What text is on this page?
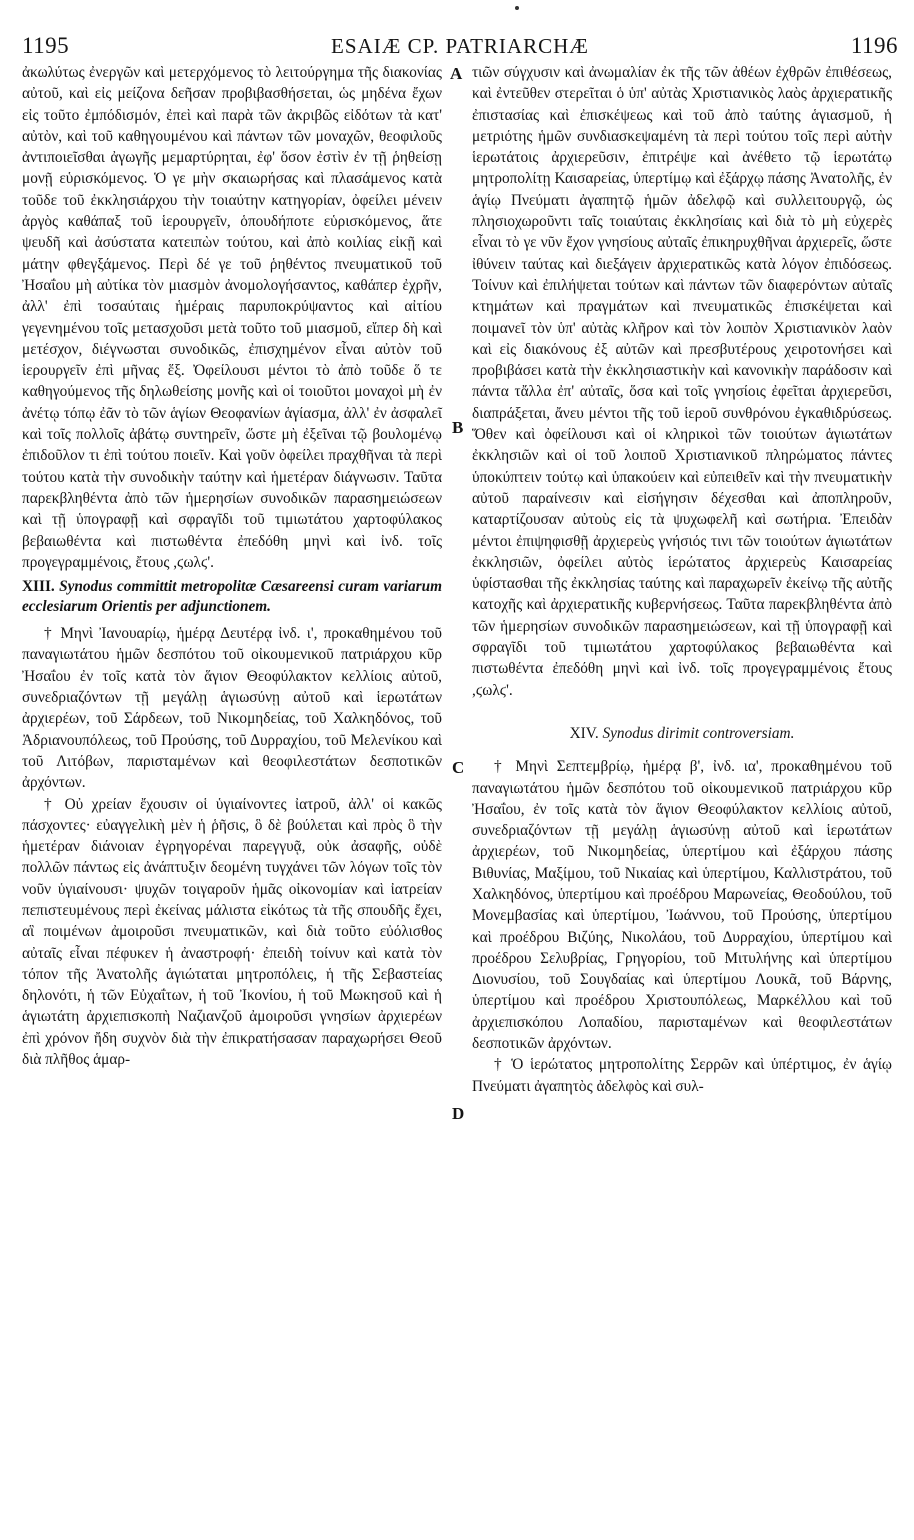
1195	ESAIÆ CP. PATRIARCHÆ	1196
A
B
C
D

ἀκωλύτως ἐνεργῶν καὶ μετερχόμενος τὸ λειτούργημα τῆς διακονίας αὐτοῦ, καὶ εἰς μείζονα δεῆσαν προβιβασθήσεται, ὡς μηδένα ἔχων εἰς τοῦτο ἐμπόδισμόν, ἐπεὶ καὶ παρὰ τῶν ἀκριβῶς εἰδότων τὰ κατ' αὐτὸν, καὶ τοῦ καθηγουμένου καὶ πάντων τῶν μοναχῶν, θεοφιλοῦς ἀντιποιεῖσθαι ἀγωγῆς μεμαρτύρηται, ἐφ' ὅσον ἐστὶν ἐν τῇ ῥηθείσῃ μονῇ εὑρισκόμενος. Ὁ γε μὴν σκαιωρήσας καὶ πλασάμενος κατὰ τοῦδε τοῦ ἐκκλησιάρχου τὴν τοιαύτην κατηγορίαν, ὀφείλει μένειν ἀργὸς καθάπαξ τοῦ ἱερουργεῖν, ὁπουδήποτε εὑρισκόμενος, ἅτε ψευδῆ καὶ ἀσύστατα κατειπὼν τούτου, καὶ ἀπὸ κοιλίας εἰκῇ καὶ μάτην φθεγξάμενος. Περὶ δέ γε τοῦ ῥηθέντος πνευματικοῦ τοῦ Ἠσαΐου μὴ αὐτίκα τὸν μιασμὸν ἀνομολογήσαντος, καθάπερ ἐχρῆν, ἀλλ' ἐπὶ τοσαύταις ἡμέραις παρυποκρύψαντος καὶ αἰτίου γεγενημένου τοῖς μετασχοῦσι μετὰ τοῦτο τοῦ μιασμοῦ, εἴπερ δὴ καὶ μετέσχον, διέγνωσται συνοδικῶς, ἐπισχημένον εἶναι αὐτὸν τοῦ ἱερουργεῖν ἐπὶ μῆνας ἕξ. Ὀφείλουσι μέντοι τὸ ἀπὸ τοῦδε ὅ τε καθηγούμενος τῆς δηλωθείσης μονῆς καὶ οἱ τοιοῦτοι μοναχοὶ μὴ ἐν ἀνέτῳ τόπῳ ἐᾶν τὸ τῶν ἁγίων Θεοφανίων ἁγίασμα, ἀλλ' ἐν ἀσφαλεῖ καὶ τοῖς πολλοῖς ἀβάτῳ συντηρεῖν, ὥστε μὴ ἐξεῖναι τῷ βουλομένῳ ἐπιδοῦλον τι ἐπὶ τούτου ποιεῖν. Καὶ γοῦν ὀφείλει πραχθῆναι τὰ περὶ τούτου κατὰ τὴν συνοδικὴν ταύτην καὶ ἡμετέραν διάγνωσιν. Ταῦτα παρεκβληθέντα ἀπὸ τῶν ἡμερησίων συνοδικῶν παρασημειώσεων καὶ τῇ ὑπογραφῇ καὶ σφραγῖδι τοῦ τιμιωτάτου χαρτοφύλακος βεβαιωθέντα καὶ πιστωθέντα ἐπεδόθη μηνὶ καὶ ἰνδ. τοῖς προγεγραμμένοις, ἔτους ,ϛωλϛ'.

XIII. Synodus committit metropolitæ Cæsareensi curam variarum ecclesiarum Orientis per adjunctionem.

† Μηνὶ Ἰανουαρίῳ, ἡμέρᾳ Δευτέρᾳ ἰνδ. ι', προκαθημένου τοῦ παναγιωτάτου ἡμῶν δεσπότου τοῦ οἰκουμενικοῦ πατριάρχου κῦρ Ἠσαΐου ἐν τοῖς κατὰ τὸν ἅγιον Θεοφύλακτον κελλίοις αὐτοῦ, συνεδριαζόντων τῇ μεγάλῃ ἁγιωσύνῃ αὐτοῦ καὶ ἱερωτάτων ἀρχιερέων, τοῦ Σάρδεων, τοῦ Νικομηδείας, τοῦ Χαλκηδόνος, τοῦ Ἀδριανουπόλεως, τοῦ Προύσης, τοῦ Δυρραχίου, τοῦ Μελενίκου καὶ τοῦ Λιτόβων, παρισταμένων καὶ θεοφιλεστάτων δεσποτικῶν ἀρχόντων.

† Οὐ χρείαν ἔχουσιν οἱ ὑγιαίνοντες ἰατροῦ, ἀλλ' οἱ κακῶς πάσχοντες· εὐαγγελικὴ μὲν ἡ ῥῆσις, ὃ δὲ βούλεται καὶ πρὸς ὃ τὴν ἡμετέραν διάνοιαν ἐγρηγορέναι παρεγγυᾷ, οὐκ ἀσαφῆς, οὐδὲ πολλῶν πάντως εἰς ἀνάπτυξιν δεομένη τυγχάνει τῶν λόγων τοῖς τὸν νοῦν ὑγιαίνουσι· ψυχῶν τοιγαροῦν ἡμᾶς οἰκονομίαν καὶ ἰατρείαν πεπιστευμένους περὶ ἐκείνας μάλιστα εἰκότως τὰ τῆς σπουδῆς ἔχει, αἳ ποιμένων ἀμοιροῦσι πνευματικῶν, καὶ διὰ τοῦτο εὐόλισθος αὐταῖς εἶναι πέφυκεν ἡ ἀναστροφή· ἐπειδὴ τοίνυν καὶ κατὰ τὸν τόπον τῆς Ἀνατολῆς ἁγιώταται μητροπόλεις, ἡ τῆς Σεβαστείας δηλονότι, ἡ τῶν Εὐχαΐτων, ἡ τοῦ Ἰκονίου, ἡ τοῦ Μωκησοῦ καὶ ἡ ἁγιωτάτη ἀρχιεπισκοπὴ Ναζιανζοῦ ἀμοιροῦσι γνησίων ἀρχιερέων ἐπὶ χρόνον ἤδη συχνὸν διὰ τὴν ἐπικρατήσασαν παραχωρήσει Θεοῦ διὰ πλῆθος ἁμαρ-

τιῶν σύγχυσιν καὶ ἀνωμαλίαν ἐκ τῆς τῶν ἀθέων ἐχθρῶν ἐπιθέσεως, καὶ ἐντεῦθεν στερεῖται ὁ ὑπ' αὐτὰς Χριστιανικὸς λαὸς ἀρχιερατικῆς ἐπιστασίας καὶ ἐπισκέψεως καὶ τοῦ ἀπὸ ταύτης ἁγιασμοῦ, ἡ μετριότης ἡμῶν συνδιασκεψαμένη τὰ περὶ τούτου τοῖς περὶ αὐτὴν ἱερωτάτοις ἀρχιερεῦσιν, ἐπιτρέψε καὶ ἀνέθετο τῷ ἱερωτάτῳ μητροπολίτῃ Καισαρείας, ὑπερτίμῳ καὶ ἐξάρχῳ πάσης Ἀνατολῆς, ἐν ἁγίῳ Πνεύματι ἀγαπητῷ ἡμῶν ἀδελφῷ καὶ συλλειτουργῷ, ὡς πλησιοχωροῦντι ταῖς τοιαύταις ἐκκλησίαις καὶ διὰ τὸ μὴ εὐχερὲς εἶναι τὸ γε νῦν ἔχον γνησίους αὐταῖς ἐπικηρυχθῆναι ἀρχιερεῖς, ὥστε ἰθύνειν ταύτας καὶ διεξάγειν ἀρχιερατικῶς κατὰ λόγον ἐπιδόσεως. Τοίνυν καὶ ἐπιλήψεται τούτων καὶ πάντων τῶν διαφερόντων αὐταῖς κτημάτων καὶ πραγμάτων καὶ πνευματικῶς ἐπισκέψεται καὶ ποιμανεῖ τὸν ὑπ' αὐτὰς κλῆρον καὶ τὸν λοιπὸν Χριστιανικὸν λαὸν καὶ εἰς διακόνους ἐξ αὐτῶν καὶ πρεσβυτέρους χειροτονήσει καὶ προβιβάσει κατὰ τὴν ἐκκλησιαστικὴν καὶ κανονικὴν παράδοσιν καὶ πάντα τἄλλα ἐπ' αὐταῖς, ὅσα καὶ τοῖς γνησίοις ἐφεῖται ἀρχιερεῦσι, διαπράξεται, ἄνευ μέντοι τῆς τοῦ ἱεροῦ συνθρόνου ἐγκαθιδρύσεως. Ὅθεν καὶ ὀφείλουσι καὶ οἱ κληρικοὶ τῶν τοιούτων ἁγιωτάτων ἐκκλησιῶν καὶ οἱ τοῦ λοιποῦ Χριστιανικοῦ πληρώματος πάντες ὑποκύπτειν τούτῳ καὶ ὑπακούειν καὶ εὐπειθεῖν καὶ τὴν πνευματικὴν αὐτοῦ παραίνεσιν καὶ εἰσήγησιν δέχεσθαι καὶ ἀποπληροῦν, καταρτίζουσαν αὐτοὺς εἰς τὰ ψυχωφελῆ καὶ σωτήρια. Ἐπειδὰν μέντοι ἐπιψηφισθῇ ἀρχιερεὺς γνήσιός τινι τῶν τοιούτων ἁγιωτάτων ἐκκλησιῶν, ὀφείλει αὐτὸς ἱερώτατος ἀρχιερεὺς Καισαρείας ὑφίστασθαι τῆς ἐκκλησίας ταύτης καὶ παραχωρεῖν ἐκείνῳ τῆς αὐτῆς κατοχῆς καὶ ἀρχιερατικῆς κυβερνήσεως. Ταῦτα παρεκβληθέντα ἀπὸ τῶν ἡμερησίων συνοδικῶν παρασημειώσεων, καὶ τῇ ὑπογραφῇ καὶ σφραγῖδι τοῦ τιμιωτάτου χαρτοφύλακος βεβαιωθέντα καὶ πιστωθέντα ἐπεδόθη μηνὶ καὶ ἰνδ. τοῖς προγεγραμμένοις ἔτους ,ϛωλϛ'.

XIV. Synodus dirimit controversiam.

† Μηνὶ Σεπτεμβρίῳ, ἡμέρᾳ β', ἰνδ. ια', προκαθημένου τοῦ παναγιωτάτου ἡμῶν δεσπότου τοῦ οἰκουμενικοῦ πατριάρχου κῦρ Ἠσαΐου, ἐν τοῖς κατὰ τὸν ἅγιον Θεοφύλακτον κελλίοις αὐτοῦ, συνεδριαζόντων τῇ μεγάλῃ ἁγιωσύνῃ αὐτοῦ καὶ ἱερωτάτων ἀρχιερέων, τοῦ Νικομηδείας, ὑπερτίμου καὶ ἐξάρχου πάσης Βιθυνίας, Μαξίμου, τοῦ Νικαίας καὶ ὑπερτίμου, Καλλιστράτου, τοῦ Χαλκηδόνος, ὑπερτίμου καὶ προέδρου Μαρωνείας, Θεοδούλου, τοῦ Μονεμβασίας καὶ ὑπερτίμου, Ἰωάννου, τοῦ Προύσης, ὑπερτίμου καὶ προέδρου Βιζύης, Νικολάου, τοῦ Δυρραχίου, ὑπερτίμου καὶ προέδρου Σελυβρίας, Γρηγορίου, τοῦ Μιτυλήνης καὶ ὑπερτίμου Διονυσίου, τοῦ Σουγδαίας καὶ ὑπερτίμου Λουκᾶ, τοῦ Βάρνης, ὑπερτίμου καὶ προέδρου Χριστουπόλεως, Μαρκέλλου καὶ τοῦ ἀρχιεπισκόπου Λοπαδίου, παρισταμένων καὶ θεοφιλεστάτων δεσποτικῶν ἀρχόντων.

† Ὁ ἱερώτατος μητροπολίτης Σερρῶν καὶ ὑπέρτιμος, ἐν ἁγίῳ Πνεύματι ἀγαπητὸς ἀδελφὸς καὶ συλ-
